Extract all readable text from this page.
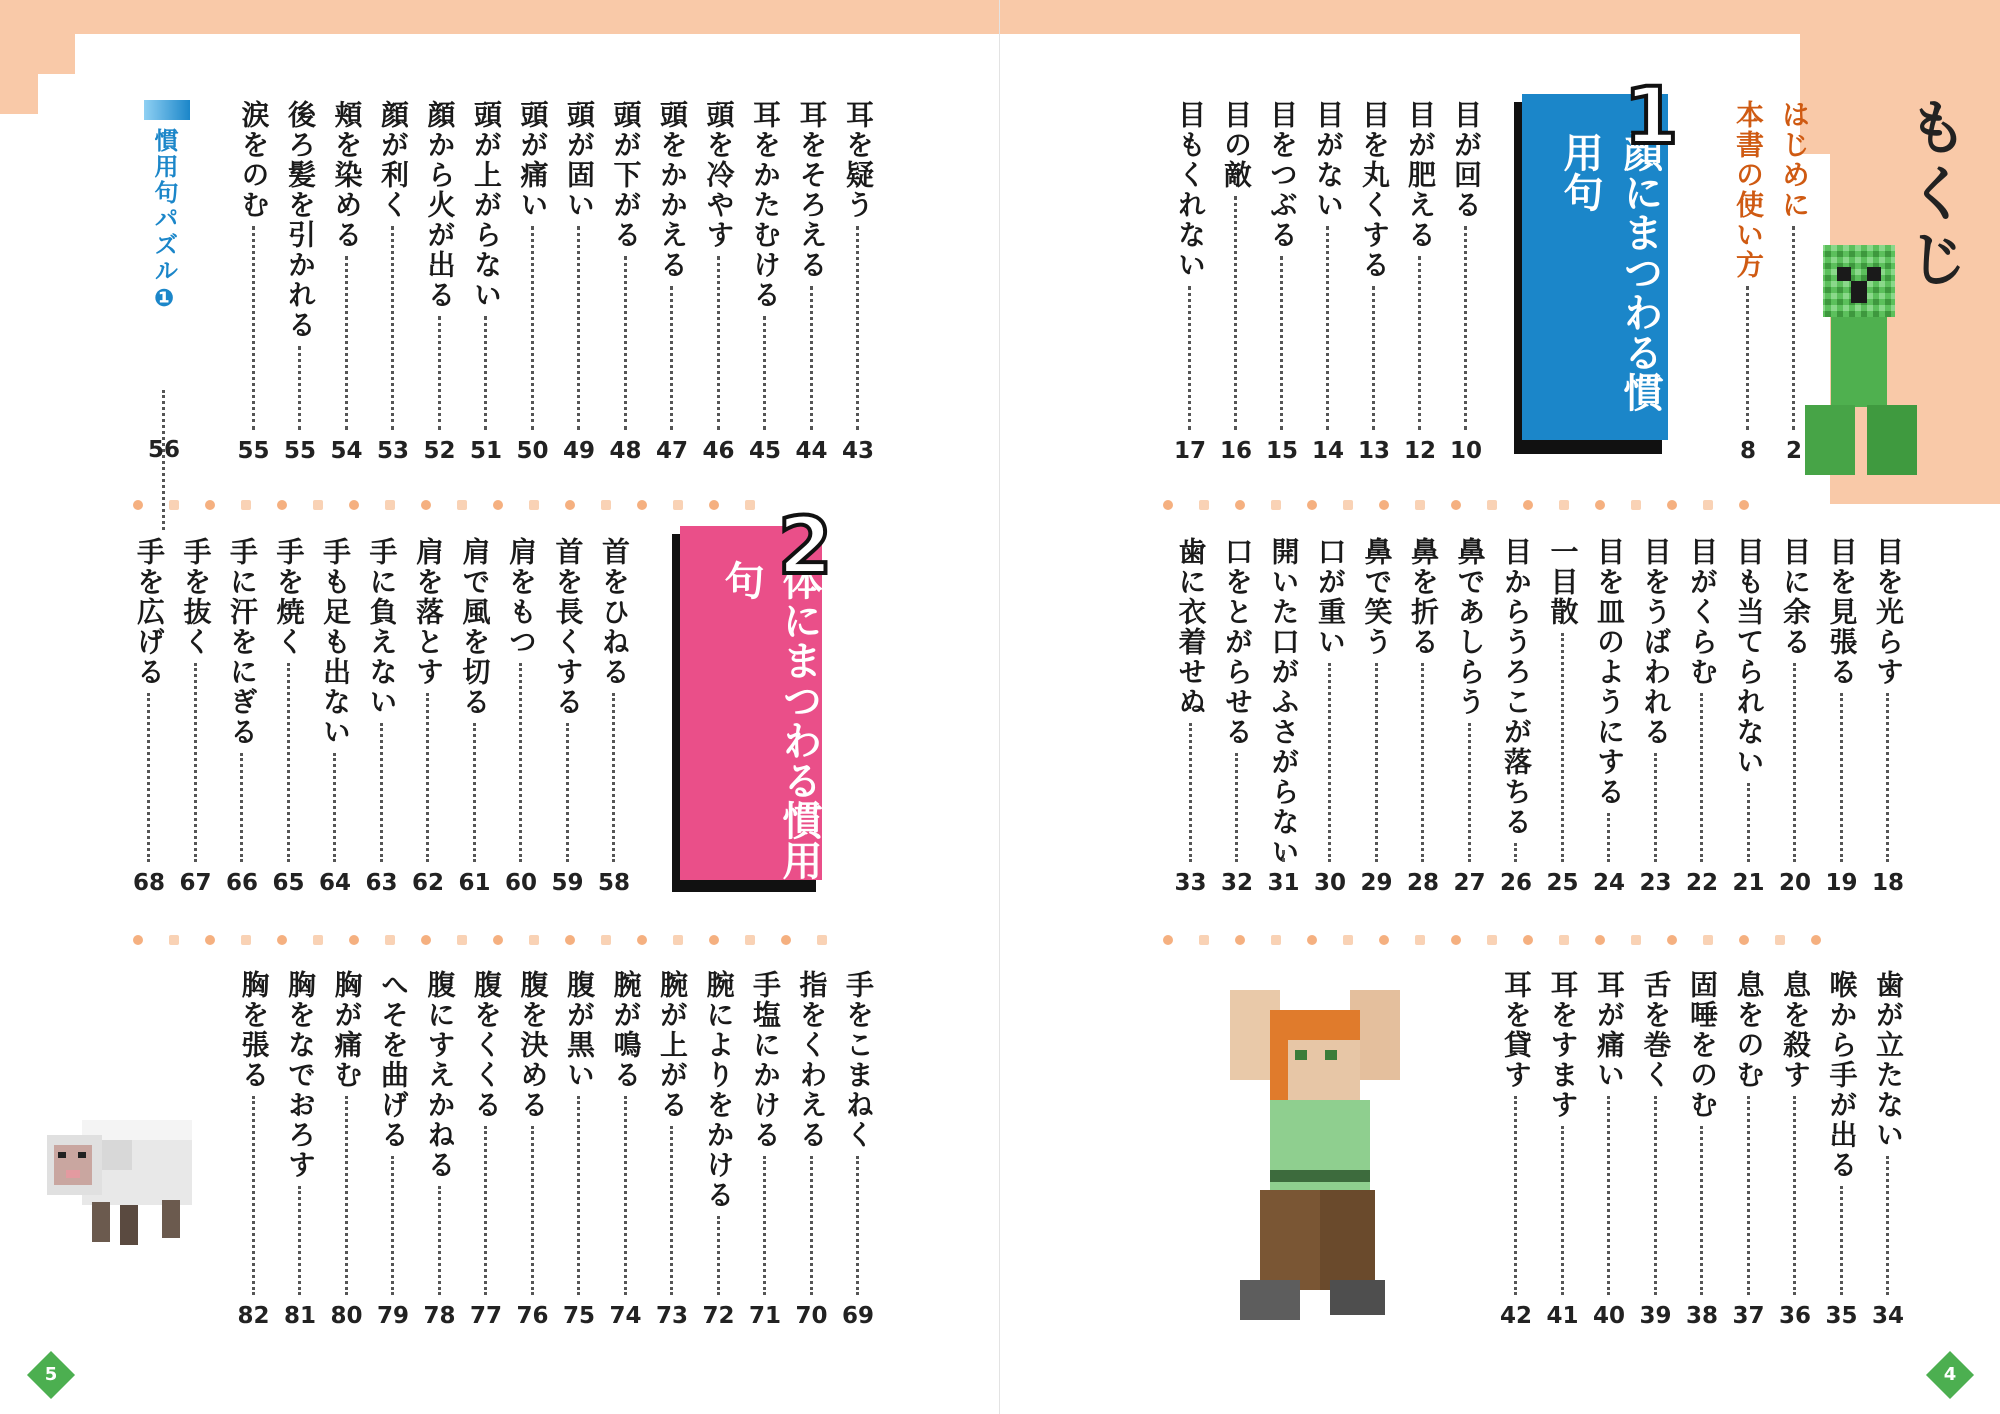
耳を疑う
43
耳をそろえる
44
耳をかたむける
45
頭を冷やす
46
頭をかかえる
47
頭が下がる
48
頭が固い
49
頭が痛い
50
頭が上がらない
51
顔から火が出る
52
顔が利く
53
頬を染める
54
後ろ髪を引かれる
55
涙をのむ
55
首をひねる
58
首を長くする
59
肩をもつ
60
肩で風を切る
61
肩を落とす
62
手に負えない
63
手も足も出ない
64
手を焼く
65
手に汗をにぎる
66
手を抜く
67
手を広げる
68
手をこまねく
69
指をくわえる
70
手塩にかける
71
腕によりをかける
72
腕が上がる
73
腕が鳴る
74
腹が黒い
75
腹を決める
76
腹をくくる
77
腹にすえかねる
78
へそを曲げる
79
胸が痛む
80
胸をなでおろす
81
胸を張る
82
慣用句パズル❶
56
体にまつわる慣用句 2
5
もくじ
はじめに
2
本書の使い方
8
目が回る
10
目が肥える
12
目を丸くする
13
目がない
14
目をつぶる
15
目の敵
16
目もくれない
17
目を光らす
18
目を見張る
19
目に余る
20
目も当てられない
21
目がくらむ
22
目をうばわれる
23
目を皿のようにする
24
一目散
25
目からうろこが落ちる
26
鼻であしらう
27
鼻を折る
28
鼻で笑う
29
口が重い
30
開いた口がふさがらない
31
口をとがらせる
32
歯に衣着せぬ
33
歯が立たない
34
喉から手が出る
35
息を殺す
36
息をのむ
37
固唾をのむ
38
舌を巻く
39
耳が痛い
40
耳をすます
41
耳を貸す
42
顔にまつわる慣用句
1
4
